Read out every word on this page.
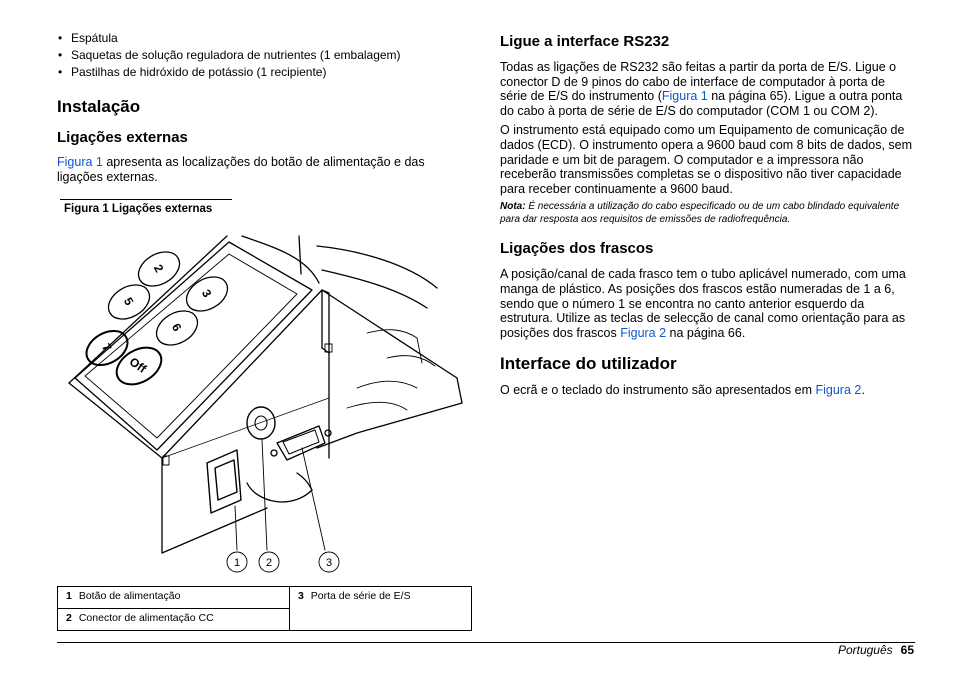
• Espátula
• Saquetas de solução reguladora de nutrientes (1 embalagem)
• Pastilhas de hidróxido de potássio (1 recipiente)
Instalação
Ligações externas

Figura 1 apresenta as localizações do botão de alimentação e das ligações externas.

Figura 1 Ligações externas
2
5
3
6
7
Off
1 2	3
1 Botão de alimentação	3 Porta de série de E/S
2 Conector de alimentação CC
Ligue a interface RS232

Todas as ligações de RS232 são feitas a partir da porta de E/S. Ligue o conector D de 9 pinos do cabo de interface de computador à porta de série de E/S do instrumento (Figura 1 na página 65). Ligue a outra ponta do cabo à porta de série de E/S do computador (COM 1 ou COM 2).

O instrumento está equipado como um Equipamento de comunicação de dados (ECD). O instrumento opera a 9600 baud com 8 bits de dados, sem paridade e um bit de paragem. O computador e a impressora não receberão transmissões completas se o dispositivo não tiver capacidade para receber continuamente a 9600 baud.

Nota: É necessária a utilização do cabo especificado ou de um cabo blindado equivalente para dar resposta aos requisitos de emissões de radiofrequência.

Ligações dos frascos

A posição/canal de cada frasco tem o tubo aplicável numerado, com uma manga de plástico. As posições dos frascos estão numeradas de 1 a 6, sendo que o número 1 se encontra no canto anterior esquerdo da estrutura. Utilize as teclas de selecção de canal como orientação para as posições dos frascos Figura 2 na página 66.

Interface do utilizador

O ecrã e o teclado do instrumento são apresentados em Figura 2.

Português 65
